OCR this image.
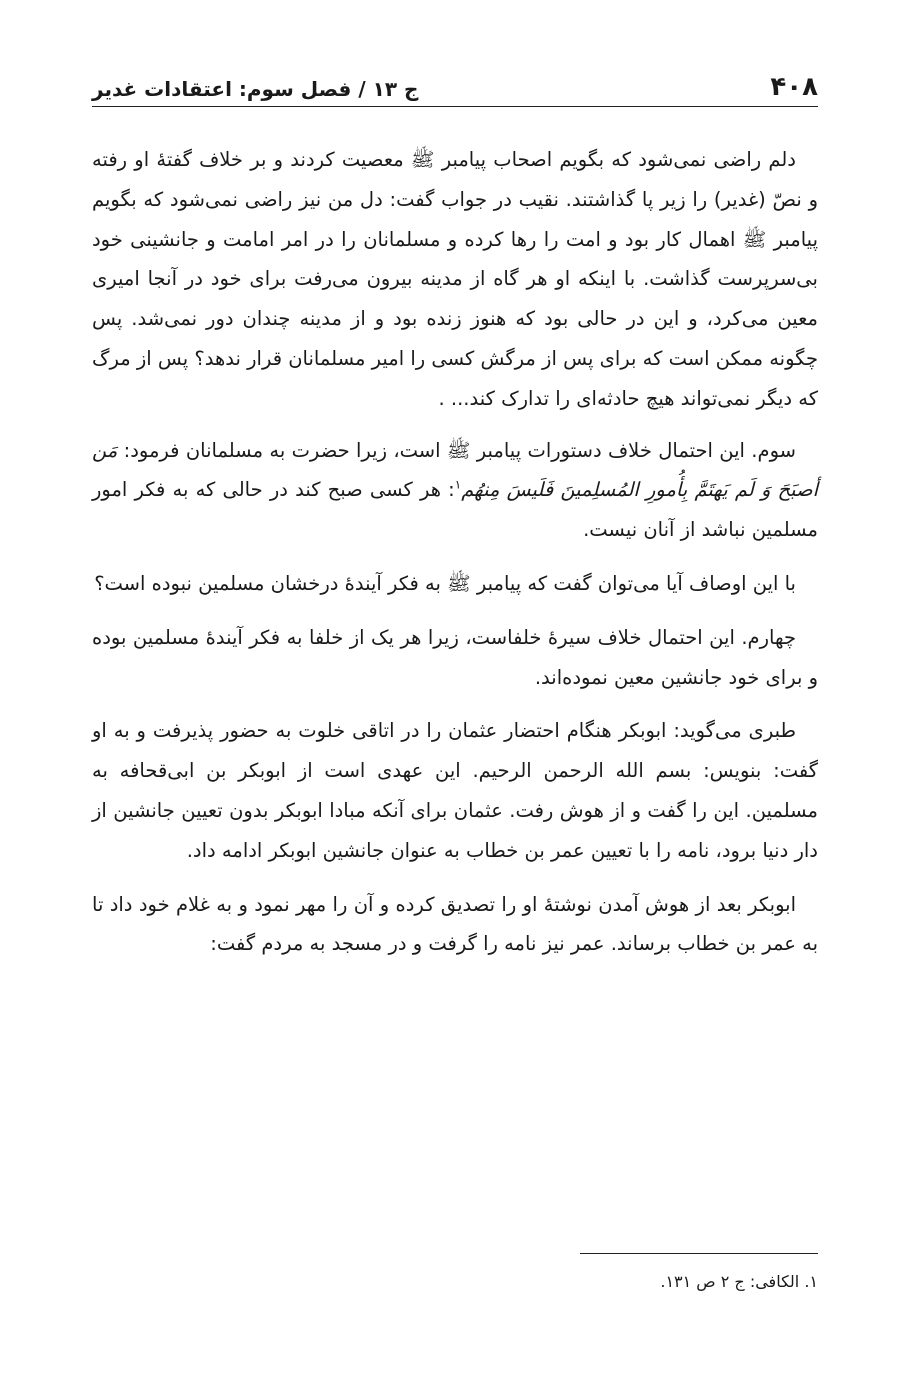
۴۰۸
ج ۱۳ / فصل سوم: اعتقادات غدیر

دلم راضی نمی‌شود که بگویم اصحاب پیامبر ﷺ معصیت کردند و بر خلاف گفتهٔ او رفته و نصّ (غدیر) را زیر پا گذاشتند. نقیب در جواب گفت: دل من نیز راضی نمی‌شود که بگویم پیامبر ﷺ اهمال کار بود و امت را رها کرده و مسلمانان را در امر امامت و جانشینی خود بی‌سرپرست گذاشت. با اینکه او هر گاه از مدینه بیرون می‌رفت برای خود در آنجا امیری معین می‌کرد، و این در حالی بود که هنوز زنده بود و از مدینه چندان دور نمی‌شد. پس چگونه ممکن است که برای پس از مرگش کسی را امیر مسلمانان قرار ندهد؟ پس از مرگ که دیگر نمی‌تواند هیچ حادثه‌ای را تدارک کند... .

سوم. این احتمال خلاف دستورات پیامبر ﷺ است، زیرا حضرت به مسلمانان فرمود: مَن أصبَحَ وَ لَم یَهتَمَّ بِأُمورِ المُسلِمینَ فَلَیسَ مِنهُم$^۱$: هر کسی صبح کند در حالی که به فکر امور مسلمین نباشد از آنان نیست.

با این اوصاف آیا می‌توان گفت که پیامبر ﷺ به فکر آیندهٔ درخشان مسلمین نبوده است؟

چهارم. این احتمال خلاف سیرهٔ خلفاست، زیرا هر یک از خلفا به فکر آیندهٔ مسلمین بوده و برای خود جانشین معین نموده‌اند.

طبری می‌گوید: ابوبکر هنگام احتضار عثمان را در اتاقی خلوت به حضور پذیرفت و به او گفت: بنویس: بسم الله الرحمن الرحیم. این عهدی است از ابوبکر بن ابی‌قحافه به مسلمین. این را گفت و از هوش رفت. عثمان برای آنکه مبادا ابوبکر بدون تعیین جانشین از دار دنیا برود، نامه را با تعیین عمر بن خطاب به عنوان جانشین ابوبکر ادامه داد.

ابوبکر بعد از هوش آمدن نوشتهٔ او را تصدیق کرده و آن را مهر نمود و به غلام خود داد تا به عمر بن خطاب برساند. عمر نیز نامه را گرفت و در مسجد به مردم گفت:

۱. الکافی: ج ۲ ص ۱۳۱.
